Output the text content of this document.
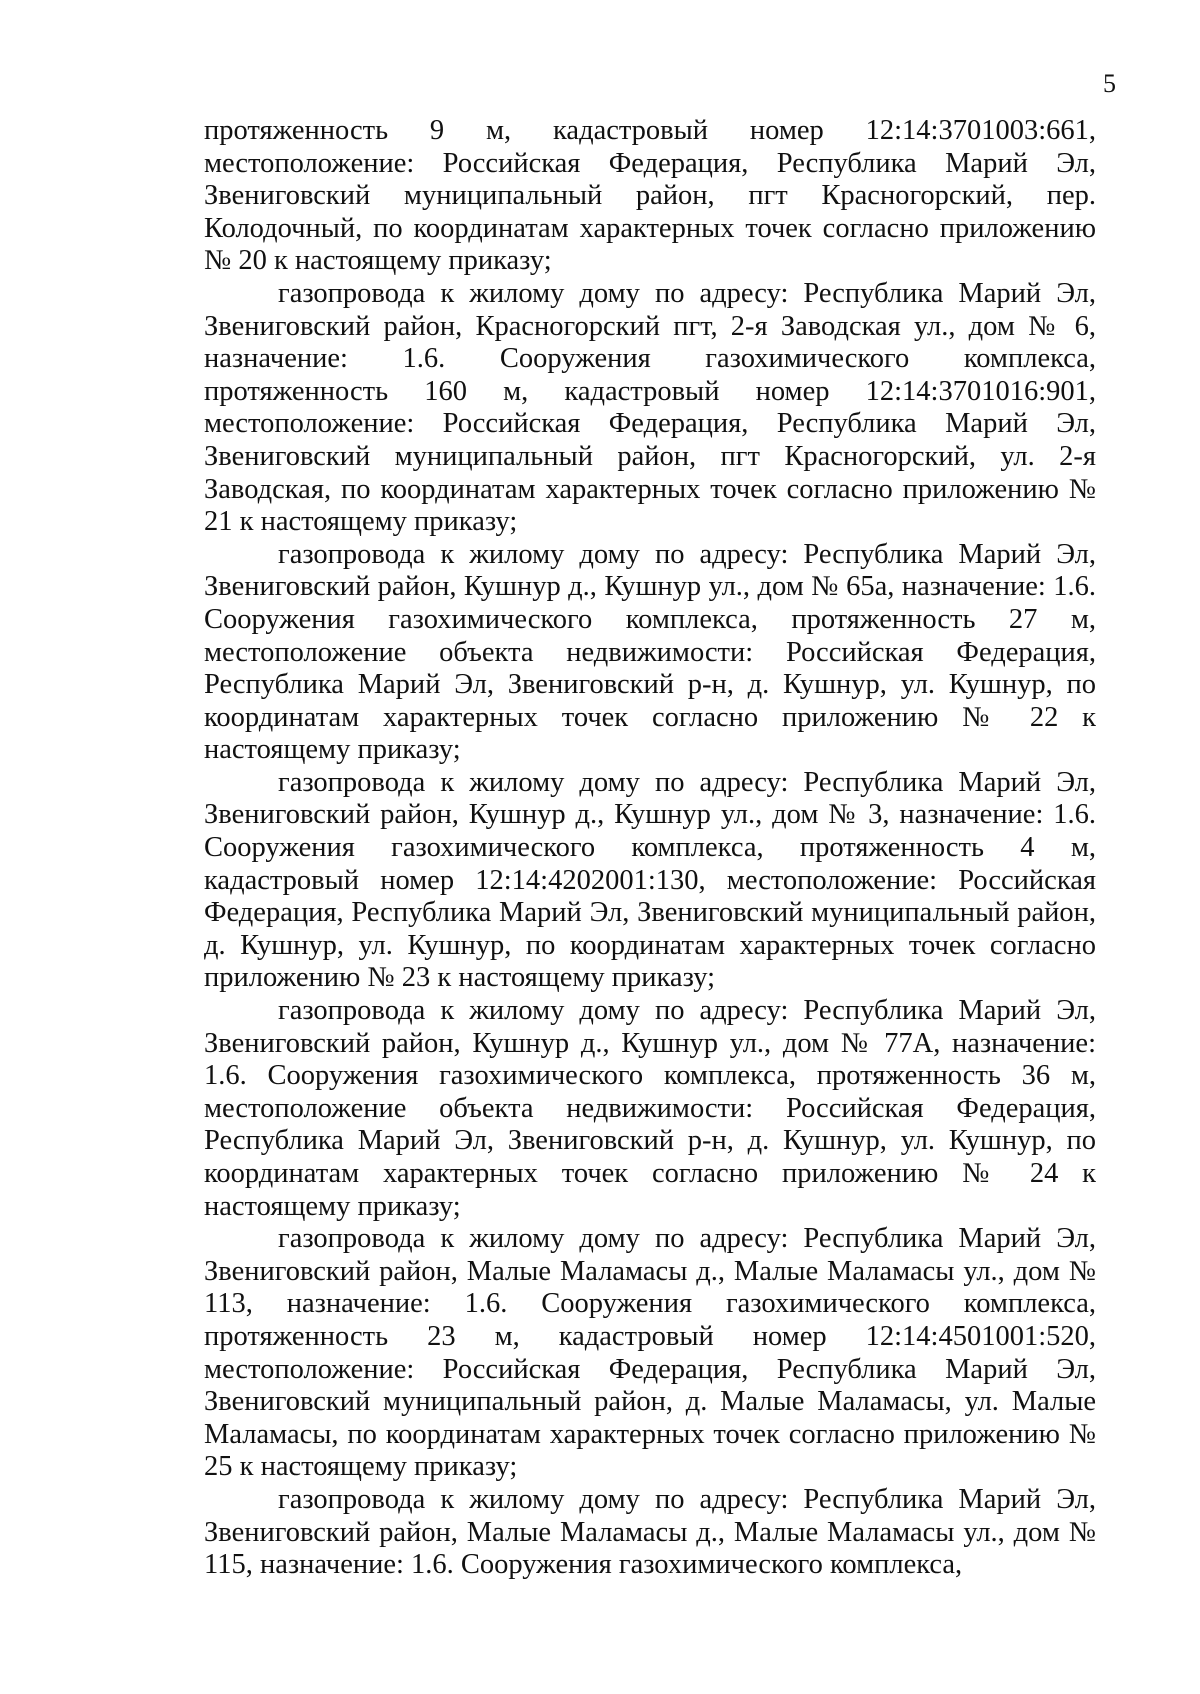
5

протяженность 9 м, кадастровый номер 12:14:3701003:661, местоположение: Российская Федерация, Республика Марий Эл, Звениговский муниципальный район, пгт Красногорский, пер. Колодочный, по координатам характерных точек согласно приложению № 20 к настоящему приказу;

газопровода к жилому дому по адресу: Республика Марий Эл, Звениговский район, Красногорский пгт, 2-я Заводская ул., дом № 6, назначение: 1.6. Сооружения газохимического комплекса, протяженность 160 м, кадастровый номер 12:14:3701016:901, местоположение: Российская Федерация, Республика Марий Эл, Звениговский муниципальный район, пгт Красногорский, ул. 2-я Заводская, по координатам характерных точек согласно приложению № 21 к настоящему приказу;

газопровода к жилому дому по адресу: Республика Марий Эл, Звениговский район, Кушнур д., Кушнур ул., дом № 65а, назначение: 1.6. Сооружения газохимического комплекса, протяженность 27 м, местоположение объекта недвижимости: Российская Федерация, Республика Марий Эл, Звениговский р-н, д. Кушнур, ул. Кушнур, по координатам характерных точек согласно приложению № 22 к настоящему приказу;

газопровода к жилому дому по адресу: Республика Марий Эл, Звениговский район, Кушнур д., Кушнур ул., дом № 3, назначение: 1.6. Сооружения газохимического комплекса, протяженность 4 м, кадастровый номер 12:14:4202001:130, местоположение: Российская Федерация, Республика Марий Эл, Звениговский муниципальный район, д. Кушнур, ул. Кушнур, по координатам характерных точек согласно приложению № 23 к настоящему приказу;

газопровода к жилому дому по адресу: Республика Марий Эл, Звениговский район, Кушнур д., Кушнур ул., дом № 77А, назначение: 1.6. Сооружения газохимического комплекса, протяженность 36 м, местоположение объекта недвижимости: Российская Федерация, Республика Марий Эл, Звениговский р-н, д. Кушнур, ул. Кушнур, по координатам характерных точек согласно приложению № 24 к настоящему приказу;

газопровода к жилому дому по адресу: Республика Марий Эл, Звениговский район, Малые Маламасы д., Малые Маламасы ул., дом № 113, назначение: 1.6. Сооружения газохимического комплекса, протяженность 23 м, кадастровый номер 12:14:4501001:520, местоположение: Российская Федерация, Республика Марий Эл, Звениговский муниципальный район, д. Малые Маламасы, ул. Малые Маламасы, по координатам характерных точек согласно приложению № 25 к настоящему приказу;

газопровода к жилому дому по адресу: Республика Марий Эл, Звениговский район, Малые Маламасы д., Малые Маламасы ул., дом № 115, назначение: 1.6. Сооружения газохимического комплекса,
